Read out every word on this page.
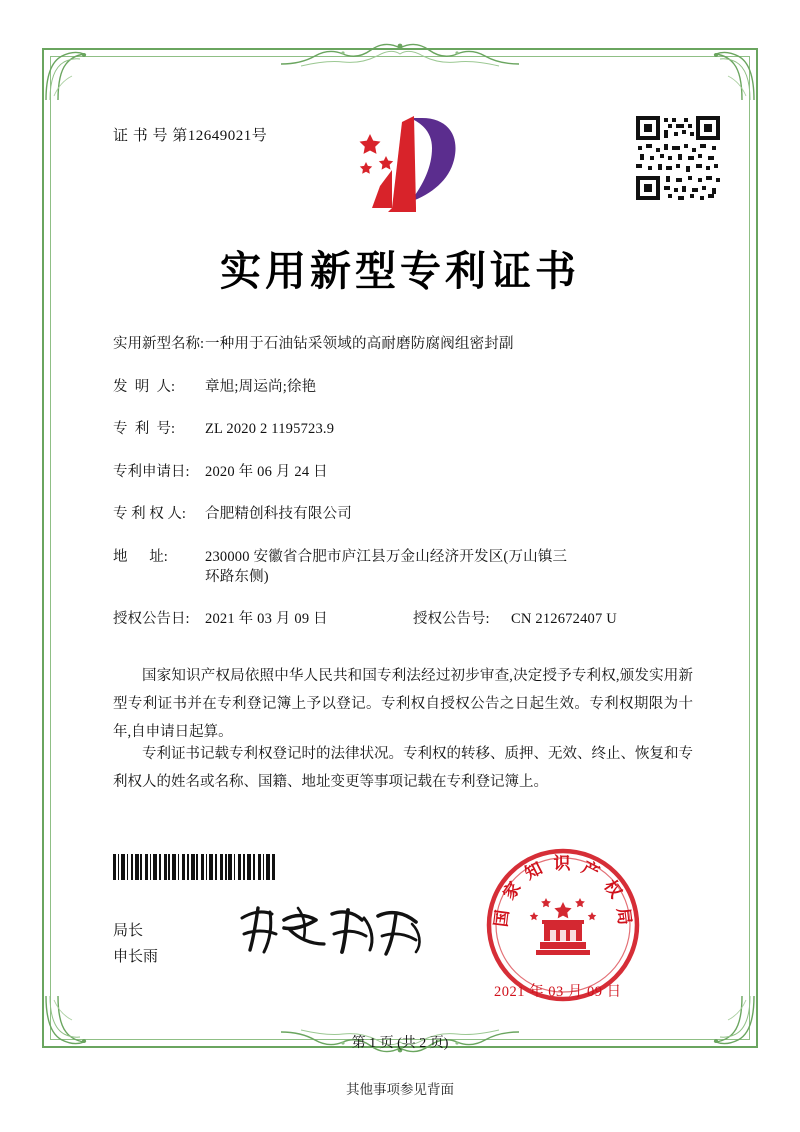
证 书 号 第12649021号
实用新型专利证书
实用新型名称: 一种用于石油钻采领域的高耐磨防腐阀组密封副
发  明  人:	章旭;周运尚;徐艳
专  利  号:	ZL 2020 2 1195723.9
专利申请日:	2020 年 06 月 24 日
专 利 权 人:	合肥精创科技有限公司
地      址:	230000 安徽省合肥市庐江县万金山经济开发区(万山镇三
环路东侧)
授权公告日:	2021 年 03 月 09 日	授权公告号:	CN 212672407 U
国家知识产权局依照中华人民共和国专利法经过初步审查,决定授予专利权,颁发实用新型专利证书并在专利登记簿上予以登记。专利权自授权公告之日起生效。专利权期限为十年,自申请日起算。
专利证书记载专利权登记时的法律状况。专利权的转移、质押、无效、终止、恢复和专利权人的姓名或名称、国籍、地址变更等事项记载在专利登记簿上。
局长
申长雨
国 家 知 识 产 权 局
2021 年 03 月 09 日
第 1 页 (共 2 页)
其他事项参见背面
